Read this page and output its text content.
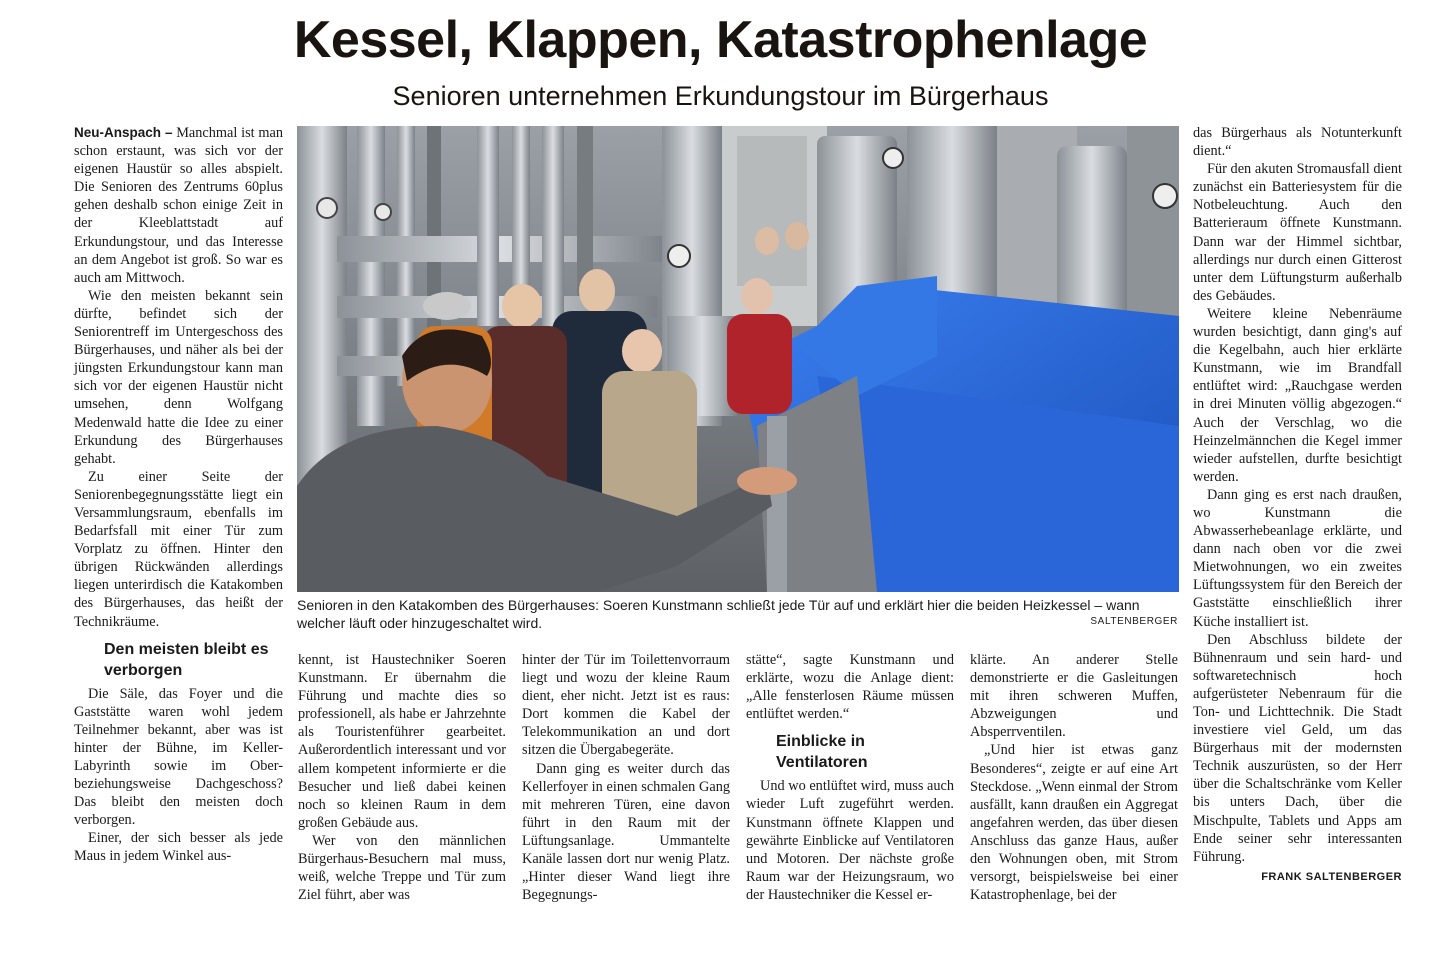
Kessel, Klappen, Katastrophenlage
Senioren unternehmen Erkundungstour im Bürgerhaus

Neu-Anspach – Manchmal ist man schon erstaunt, was sich vor der eigenen Haustür so alles abspielt. Die Senioren des Zentrums 60plus gehen deshalb schon einige Zeit in der Kleeblattstadt auf Erkundungstour, und das Interesse an dem Angebot ist groß. So war es auch am Mittwoch.

Wie den meisten bekannt sein dürfte, befindet sich der Seniorentreff im Untergeschoss des Bürgerhauses, und näher als bei der jüngsten Erkundungstour kann man sich vor der eigenen Haustür nicht umsehen, denn Wolfgang Medenwald hatte die Idee zu einer Erkundung des Bürgerhauses gehabt.

Zu einer Seite der Seniorenbegegnungsstätte liegt ein Versammlungsraum, ebenfalls im Bedarfsfall mit einer Tür zum Vorplatz zu öffnen. Hinter den übrigen Rückwänden allerdings liegen unterirdisch die Katakomben des Bürgerhauses, das heißt der Technikräume.

Den meisten bleibt es verborgen

Die Säle, das Foyer und die Gaststätte waren wohl jedem Teilnehmer bekannt, aber was ist hinter der Bühne, im Keller-Labyrinth sowie im Ober- beziehungsweise Dachgeschoss? Das bleibt den meisten doch verborgen.

Einer, der sich besser als jede Maus in jedem Winkel aus-

Senioren in den Katakomben des Bürgerhauses: Soeren Kunstmann schließt jede Tür auf und erklärt hier die beiden Heizkessel – wann welcher läuft oder hinzugeschaltet wird.	SALTENBERGER

kennt, ist Haustechniker Soeren Kunstmann. Er übernahm die Führung und machte dies so professionell, als habe er Jahrzehnte als Touristenführer gearbeitet. Außerordentlich interessant und vor allem kompetent informierte er die Besucher und ließ dabei keinen noch so kleinen Raum in dem großen Gebäude aus.

Wer von den männlichen Bürgerhaus-Besuchern mal muss, weiß, welche Treppe und Tür zum Ziel führt, aber was

hinter der Tür im Toilettenvorraum liegt und wozu der kleine Raum dient, eher nicht. Jetzt ist es raus: Dort kommen die Kabel der Telekommunikation an und dort sitzen die Übergabegeräte.

Dann ging es weiter durch das Kellerfoyer in einen schmalen Gang mit mehreren Türen, eine davon führt in den Raum mit der Lüftungsanlage. Ummantelte Kanäle lassen dort nur wenig Platz. „Hinter dieser Wand liegt ihre Begegnungs-

stätte“, sagte Kunstmann und erklärte, wozu die Anlage dient: „Alle fensterlosen Räume müssen entlüftet werden.“

Einblicke in Ventilatoren

Und wo entlüftet wird, muss auch wieder Luft zugeführt werden. Kunstmann öffnete Klappen und gewährte Einblicke auf Ventilatoren und Motoren. Der nächste große Raum war der Heizungsraum, wo der Haustechniker die Kessel er-

klärte. An anderer Stelle demonstrierte er die Gasleitungen mit ihren schweren Muffen, Abzweigungen und Absperrventilen.

„Und hier ist etwas ganz Besonderes“, zeigte er auf eine Art Steckdose. „Wenn einmal der Strom ausfällt, kann draußen ein Aggregat angefahren werden, das über diesen Anschluss das ganze Haus, außer den Wohnungen oben, mit Strom versorgt, beispielsweise bei einer Katastrophenlage, bei der

das Bürgerhaus als Notunterkunft dient.“

Für den akuten Stromausfall dient zunächst ein Batteriesystem für die Notbeleuchtung. Auch den Batterieraum öffnete Kunstmann. Dann war der Himmel sichtbar, allerdings nur durch einen Gitterost unter dem Lüftungsturm außerhalb des Gebäudes.

Weitere kleine Nebenräume wurden besichtigt, dann ging's auf die Kegelbahn, auch hier erklärte Kunstmann, wie im Brandfall entlüftet wird: „Rauchgase werden in drei Minuten völlig abgezogen.“ Auch der Verschlag, wo die Heinzelmännchen die Kegel immer wieder aufstellen, durfte besichtigt werden.

Dann ging es erst nach draußen, wo Kunstmann die Abwasserhebeanlage erklärte, und dann nach oben vor die zwei Mietwohnungen, wo ein zweites Lüftungssystem für den Bereich der Gaststätte einschließlich ihrer Küche installiert ist.

Den Abschluss bildete der Bühnenraum und sein hard- und softwaretechnisch hoch aufgerüsteter Nebenraum für die Ton- und Lichttechnik. Die Stadt investiere viel Geld, um das Bürgerhaus mit der modernsten Technik auszurüsten, so der Herr über die Schaltschränke vom Keller bis unters Dach, über die Mischpulte, Tablets und Apps am Ende seiner sehr interessanten Führung.

FRANK SALTENBERGER
